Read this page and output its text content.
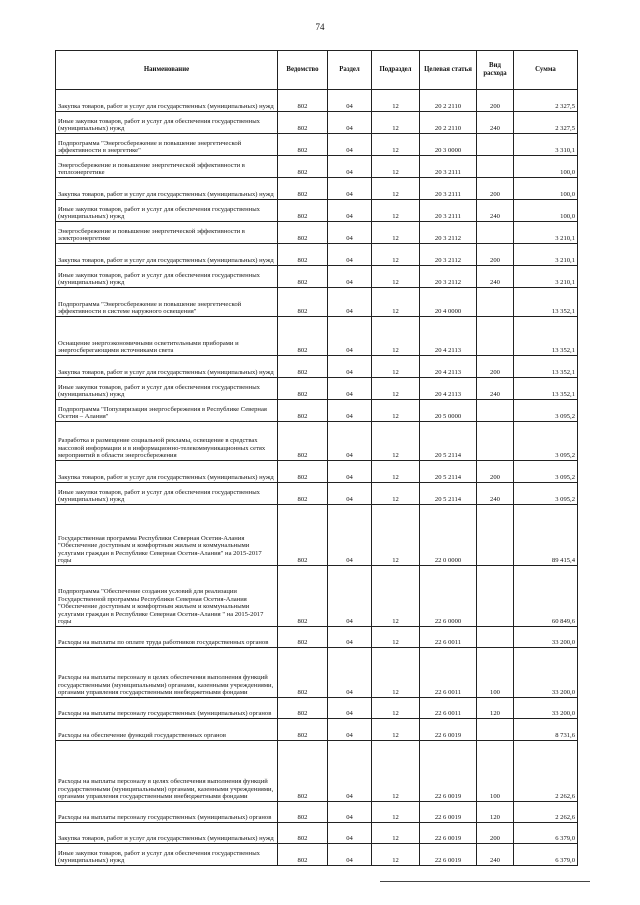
74
Наименование	Ведомство	Раздел	Подраздел	Целевая статья	Вид расхода	Сумма
Закупка товаров, работ и услуг для государственных (муниципальных) нужд	802	04	12	20 2 2110	200	2 327,5
Иные закупки товаров, работ и услуг для обеспечения государственных (муниципальных) нужд	802	04	12	20 2 2110	240	2 327,5
Подпрограмма "Энергосбережение и повышение энергетической эффективности в энергетике"	802	04	12	20 3 0000		3 310,1
Энергосбережение и повышение энергетической эффективности в теплоэнергетике	802	04	12	20 3 2111		100,0
Закупка товаров, работ и услуг для государственных (муниципальных) нужд	802	04	12	20 3 2111	200	100,0
Иные закупки товаров, работ и услуг для обеспечения государственных (муниципальных) нужд	802	04	12	20 3 2111	240	100,0
Энергосбережение и повышение энергетической эффективности в электроэнергетике	802	04	12	20 3 2112		3 210,1
Закупка товаров, работ и услуг для государственных (муниципальных) нужд	802	04	12	20 3 2112	200	3 210,1
Иные закупки товаров, работ и услуг для обеспечения государственных (муниципальных) нужд	802	04	12	20 3 2112	240	3 210,1
Подпрограмма "Энергосбережение и повышение энергетической эффективности в системе наружного освещения"	802	04	12	20 4 0000		13 352,1
Оснащение энергоэкономичными осветительными приборами и энергосберегающими источниками света	802	04	12	20 4 2113		13 352,1
Закупка товаров, работ и услуг для государственных (муниципальных) нужд	802	04	12	20 4 2113	200	13 352,1
Иные закупки товаров, работ и услуг для обеспечения государственных (муниципальных) нужд	802	04	12	20 4 2113	240	13 352,1
Подпрограмма "Популяризация энергосбережения в Республике Северная Осетия – Алания"	802	04	12	20 5 0000		3 095,2
Разработка и размещение социальной рекламы, освещение в средствах массовой информации и в информационно-телекоммуникационных сетях мероприятий в области энергосбережения	802	04	12	20 5 2114		3 095,2
Закупка товаров, работ и услуг для государственных (муниципальных) нужд	802	04	12	20 5 2114	200	3 095,2
Иные закупки товаров, работ и услуг для обеспечения государственных (муниципальных) нужд	802	04	12	20 5 2114	240	3 095,2
Государственная программа Республики Северная Осетия-Алания "Обеспечение доступным и комфортным жильем и коммунальными услугами граждан в Республике Северная Осетия-Алания" на 2015-2017 годы	802	04	12	22 0 0000		89 415,4
Подпрограмма "Обеспечение создания условий для реализации Государственной программы Республики Северная Осетия-Алания "Обеспечение доступным и комфортным жильем и коммунальными услугами граждан в Республике Северная Осетия-Алания " на 2015-2017 годы	802	04	12	22 6 0000		60 849,6
Расходы на выплаты по оплате труда работников государственных органов	802	04	12	22 6 0011		33 200,0
Расходы на выплаты персоналу в целях обеспечения выполнения функций государственными (муниципальными) органами, казенными учреждениями, органами управления государственными внебюджетными фондами	802	04	12	22 6 0011	100	33 200,0
Расходы на выплаты персоналу государственных (муниципальных) органов	802	04	12	22 6 0011	120	33 200,0
Расходы на обеспечение функций государственных органов	802	04	12	22 6 0019		8 731,6
Расходы на выплаты персоналу в целях обеспечения выполнения функций государственными (муниципальными) органами, казенными учреждениями, органами управления государственными внебюджетными фондами	802	04	12	22 6 0019	100	2 262,6
Расходы на выплаты персоналу государственных (муниципальных) органов	802	04	12	22 6 0019	120	2 262,6
Закупка товаров, работ и услуг для государственных (муниципальных) нужд	802	04	12	22 6 0019	200	6 379,0
Иные закупки товаров, работ и услуг для обеспечения государственных (муниципальных) нужд	802	04	12	22 6 0019	240	6 379,0
